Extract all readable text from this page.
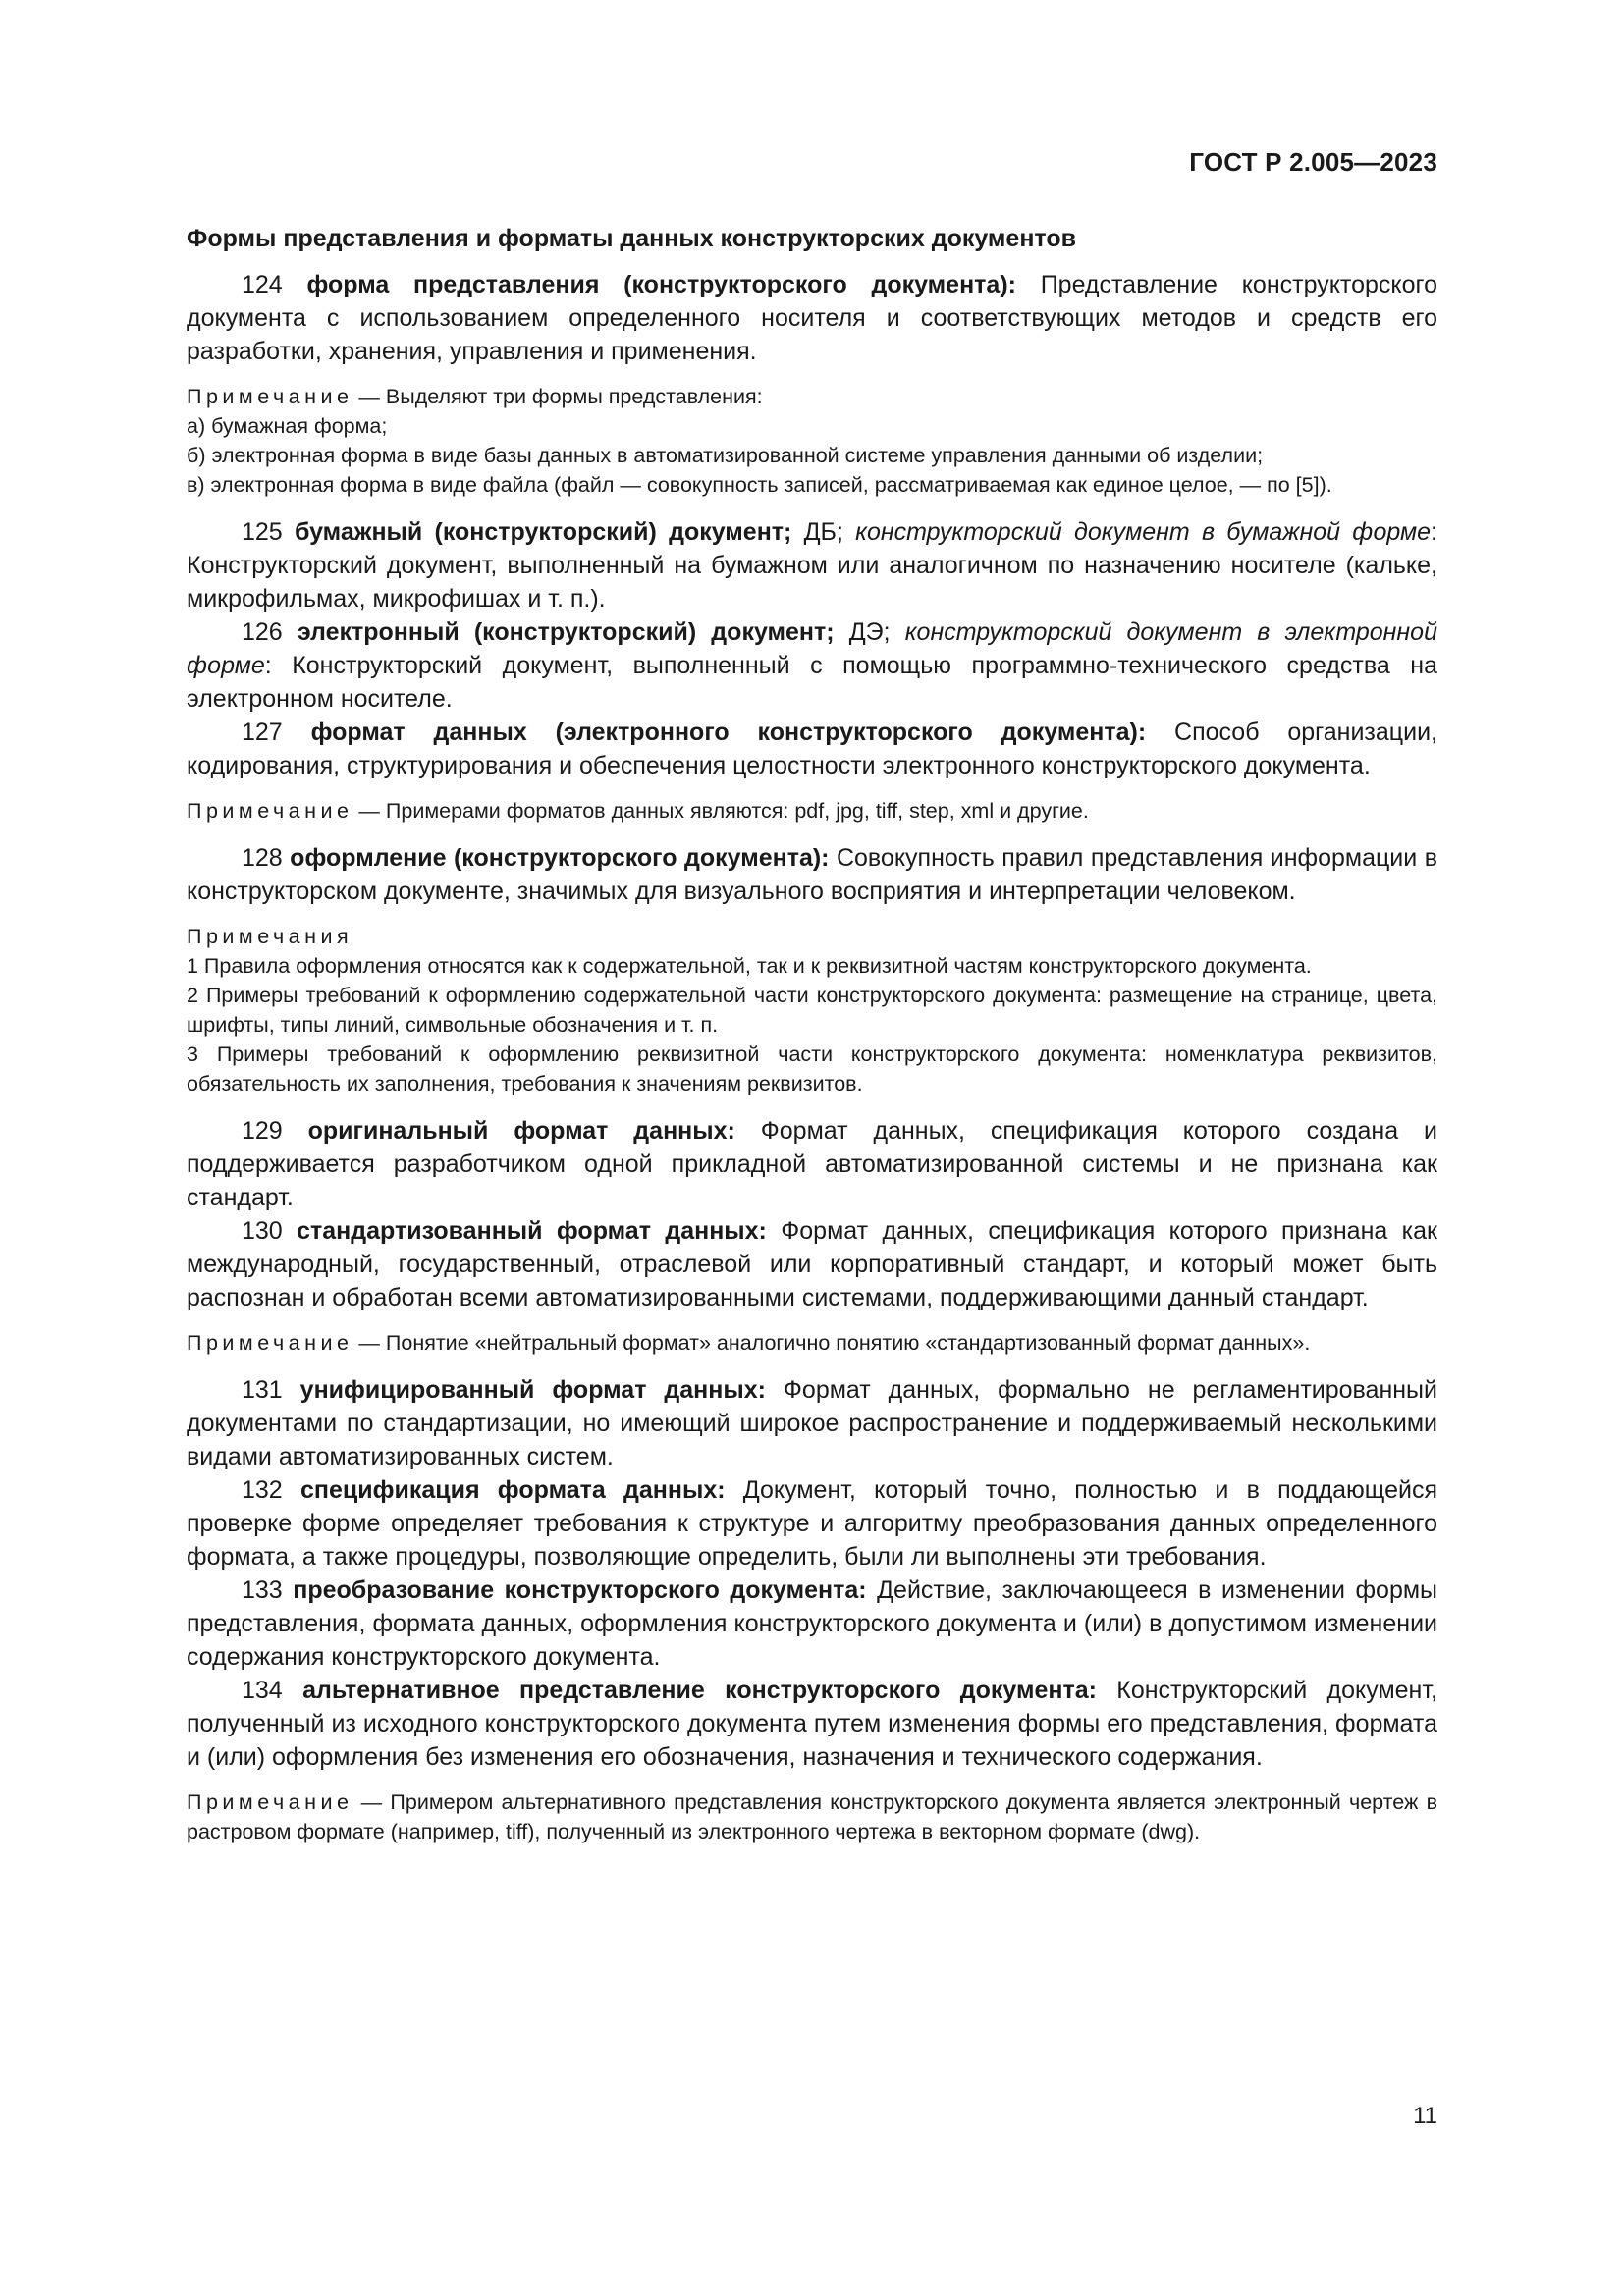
ГОСТ Р 2.005—2023
Формы представления и форматы данных конструкторских документов

124 форма представления (конструкторского документа): Представление конструкторского документа с использованием определенного носителя и соответствующих методов и средств его разработки, хранения, управления и применения.

Примечание — Выделяют три формы представления:

а) бумажная форма;

б) электронная форма в виде базы данных в автоматизированной системе управления данными об изделии;

в) электронная форма в виде файла (файл — совокупность записей, рассматриваемая как единое целое, — по [5]).

125 бумажный (конструкторский) документ; ДБ; конструкторский документ в бумажной форме: Конструкторский документ, выполненный на бумажном или аналогичном по назначению носителе (кальке, микрофильмах, микрофишах и т. п.).

126 электронный (конструкторский) документ; ДЭ; конструкторский документ в электронной форме: Конструкторский документ, выполненный с помощью программно-технического средства на электронном носителе.

127 формат данных (электронного конструкторского документа): Способ организации, кодирования, структурирования и обеспечения целостности электронного конструкторского документа.

Примечание — Примерами форматов данных являются: pdf, jpg, tiff, step, xml и другие.

128 оформление (конструкторского документа): Совокупность правил представления информации в конструкторском документе, значимых для визуального восприятия и интерпретации человеком.

Примечания

1 Правила оформления относятся как к содержательной, так и к реквизитной частям конструкторского документа.

2 Примеры требований к оформлению содержательной части конструкторского документа: размещение на странице, цвета, шрифты, типы линий, символьные обозначения и т. п.

3 Примеры требований к оформлению реквизитной части конструкторского документа: номенклатура реквизитов, обязательность их заполнения, требования к значениям реквизитов.

129 оригинальный формат данных: Формат данных, спецификация которого создана и поддерживается разработчиком одной прикладной автоматизированной системы и не признана как стандарт.

130 стандартизованный формат данных: Формат данных, спецификация которого признана как международный, государственный, отраслевой или корпоративный стандарт, и который может быть распознан и обработан всеми автоматизированными системами, поддерживающими данный стандарт.

Примечание — Понятие «нейтральный формат» аналогично понятию «стандартизованный формат данных».

131 унифицированный формат данных: Формат данных, формально не регламентированный документами по стандартизации, но имеющий широкое распространение и поддерживаемый несколькими видами автоматизированных систем.

132 спецификация формата данных: Документ, который точно, полностью и в поддающейся проверке форме определяет требования к структуре и алгоритму преобразования данных определенного формата, а также процедуры, позволяющие определить, были ли выполнены эти требования.

133 преобразование конструкторского документа: Действие, заключающееся в изменении формы представления, формата данных, оформления конструкторского документа и (или) в допустимом изменении содержания конструкторского документа.

134 альтернативное представление конструкторского документа: Конструкторский документ, полученный из исходного конструкторского документа путем изменения формы его представления, формата и (или) оформления без изменения его обозначения, назначения и технического содержания.

Примечание — Примером альтернативного представления конструкторского документа является электронный чертеж в растровом формате (например, tiff), полученный из электронного чертежа в векторном формате (dwg).

11
